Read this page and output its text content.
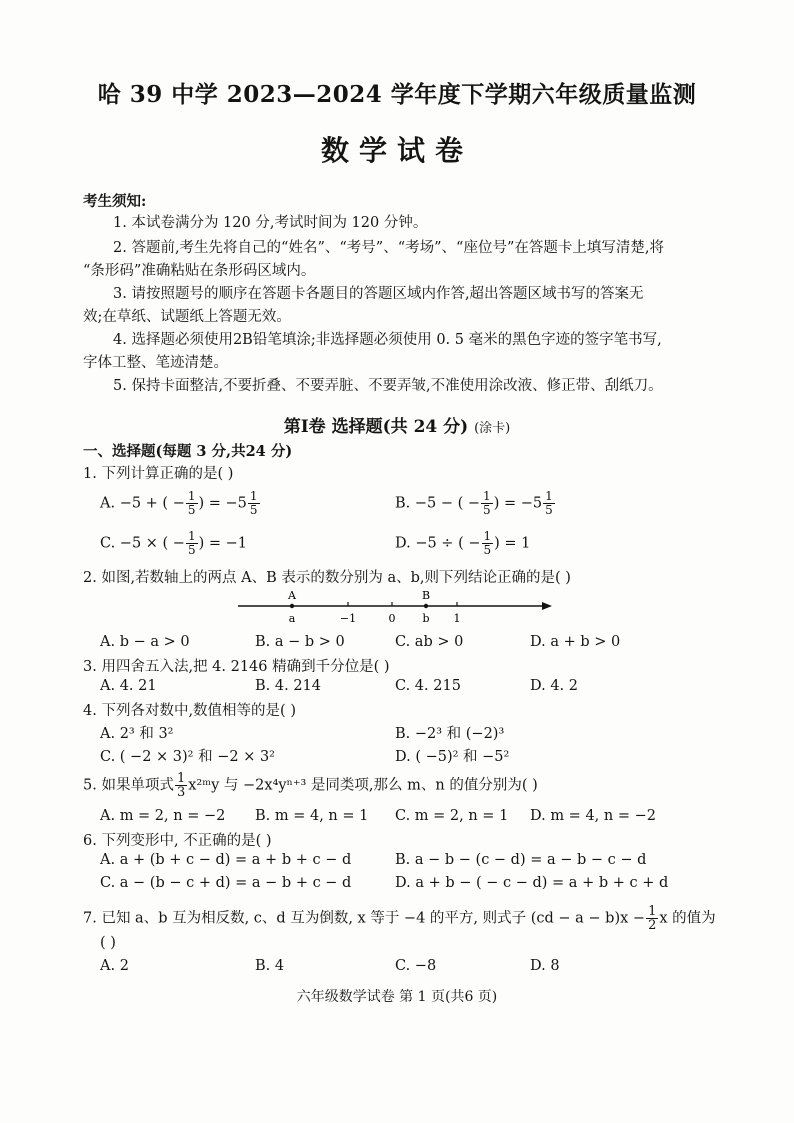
哈 39 中学 2023—2024 学年度下学期六年级质量监测
数学试卷
考生须知:
1. 本试卷满分为 120 分,考试时间为 120 分钟。
2. 答题前,考生先将自己的“姓名”、“考号”、“考场”、“座位号”在答题卡上填写清楚,将
“条形码”准确粘贴在条形码区域内。
3. 请按照题号的顺序在答题卡各题目的答题区域内作答,超出答题区域书写的答案无
效;在草纸、试题纸上答题无效。
4. 选择题必须使用2B铅笔填涂;非选择题必须使用 0. 5 毫米的黑色字迹的签字笔书写,
字体工整、笔迹清楚。
5. 保持卡面整洁,不要折叠、不要弄脏、不要弄皱,不准使用涂改液、修正带、刮纸刀。
第Ⅰ卷 选择题(共 24 分) (涂卡)
一、选择题(每题 3 分,共24 分)
1. 下列计算正确的是( )
A. −5 + ( − $\frac{1}{5}$ ) = $-5 \frac{1}{5}$	B. −5 − ( − $\frac{1}{5}$ ) = $-5 \frac{1}{5}$
C. −5 × ( − $\frac{1}{5}$ ) = −1	D. −5 ÷ ( − $\frac{1}{5}$ ) = 1
2. 如图,若数轴上的两点 A、B 表示的数分别为 a、b,则下列结论正确的是( )
A	B
a	−1	0 b 1
A. b − a > 0	B. a − b > 0	C. ab > 0	D. a + b > 0
3. 用四舍五入法,把 4. 2146 精确到千分位是( )
A. 4. 21	B. 4. 214	C. 4. 215	D. 4. 2
4. 下列各对数中,数值相等的是( )
A. 2³ 和 3²	B. −2³ 和 (−2)³
C. ( −2 × 3)² 和 −2 × 3²	D. ( −5)² 和 −5²
5. 如果单项式 $\frac{1}{3}$ x²ᵐy 与 −2x⁴yⁿ⁺³ 是同类项,那么 m、n 的值分别为( )
A. m = 2, n = −2 B. m = 4, n = 1 C. m = 2, n = 1 D. m = 4, n = −2
6. 下列变形中, 不正确的是( )
A. a + (b + c − d) = a + b + c − d	B. a − b − (c − d) = a − b − c − d
C. a − (b − c + d) = a − b + c − d	D. a + b − ( − c − d) = a + b + c + d
7. 已知 a、b 互为相反数, c、d 互为倒数, x 等于 −4 的平方, 则式子 $(cd - a - b)x - \frac{1}{2}$ x 的值为
( )
A. 2	B. 4	C. −8	D. 8
六年级数学试卷 第 1 页(共6 页)
